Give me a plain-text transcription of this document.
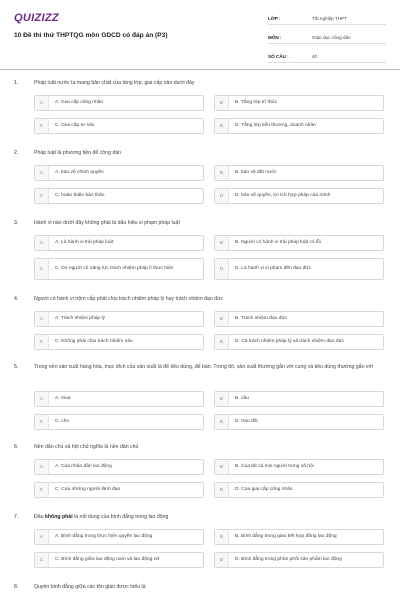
QUIZIZZ
10 Đề thi thử THPTQG môn GDCD có đáp án (P3)
LỚP :	Tốt nghiệp THPT
MÔN :	Giáo dục công dân
SỐ CÂU :	40
1.	Pháp luật nước ta mang bản chất của tầng lớp, giai cấp nào dưới đây
A	A. Giai cấp công nhân	B	B. Tầng lớp trí thức
C	C. Giai cấp tư sản	D	D. Tầng lớp tiểu thương, doanh nhân
2.	Pháp luật là phương tiện để công dân
A	A. bảo vệ chính quyền	B	B. bảo vệ đất nước
C	C. hoàn thiện bản thân	D	D. bảo vệ quyền, lợi ích hợp pháp của mình
3.	Hành vi nào dưới đây không phải là dấu hiệu vi phạm pháp luật
A	A. Là hành vi trái pháp luật	B	B. Người có hành vi trái pháp luật có lỗi
C	C. Do người có năng lực trách nhiệm pháp lí thực hiện	D	D. Là hành vi vi phạm đến đạo đức
4.	Người có hành vi trộm cắp phải chịu trách nhiệm pháp lý hay trách nhiệm đạo đức
A	A. Trách nhiệm pháp lý	B	B. Trách nhiệm đạo đức
C	C. Không phải chịu trách nhiệm nào	D	D. Cả trách nhiệm pháp lý và trách nhiệm đạo đức
5.	Trong nền sản xuất hàng hóa, mục đích của sản xuất là để tiêu dùng, để bán. Trong đó, sản xuất thường gắn với cung và tiêu dùng thường gắn với
A	A. mua	B	B. cầu
C	C. cho	D	D. trao đổi
6.	Nền dân chủ xã hội chủ nghĩa là nền dân chủ
A	A. Của nhân dân lao động	B	B. Của tất cả mọi người trong xã hội
C	C. Của những người lãnh đạo	D	D. Của giai cấp công nhân
7.	Đâu không phải là nội dung của bình đẳng trong lao động
A	A. Bình đẳng trong thực hiện quyền lao động	B	B. Bình đẳng trong giao kết hợp đồng lao động
C	C. Bình đẳng giữa lao động nam và lao động nữ	D	D. Bình đẳng trong phân phối sản phẩm lao động
8.	Quyền bình đẳng giữa các tôn giáo được hiểu là
